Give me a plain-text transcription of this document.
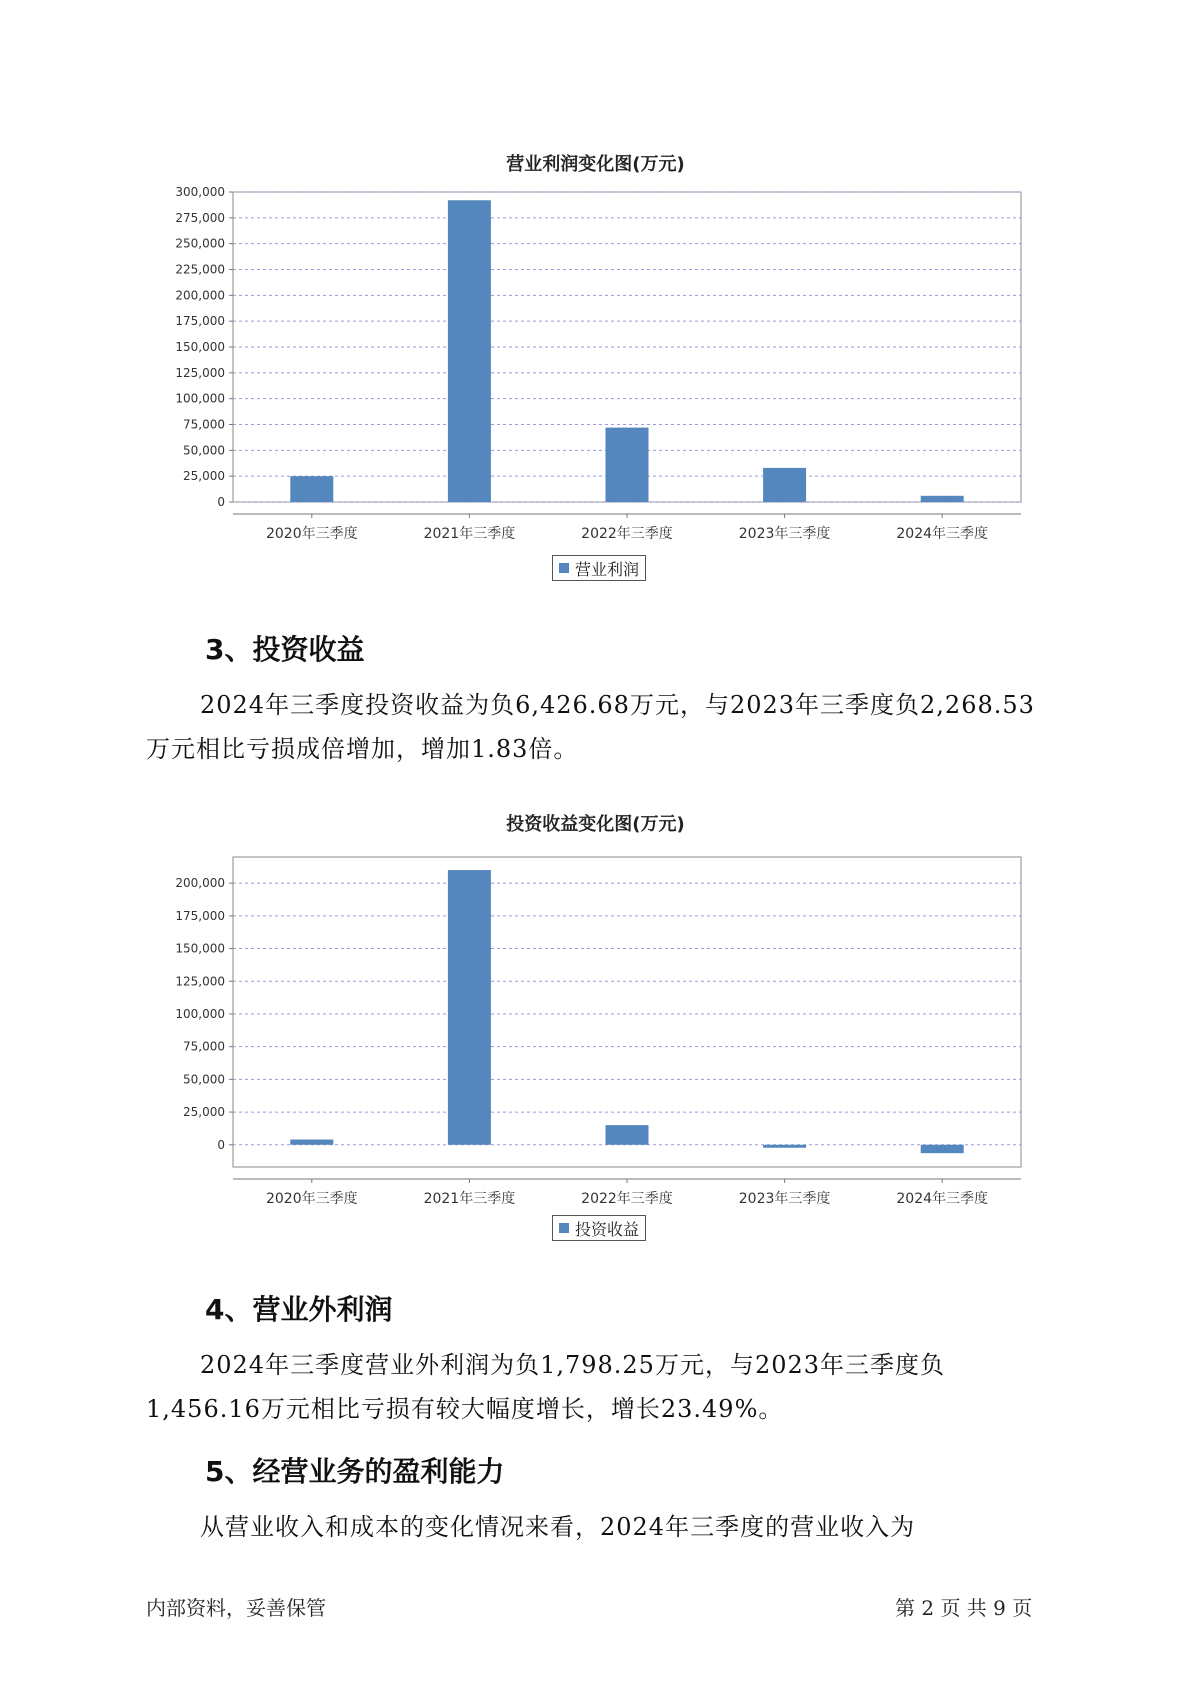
营业利润变化图(万元)
0
25,000
50,000
75,000
100,000
125,000
150,000
175,000
200,000
225,000
250,000
275,000
300,000
2020年三季度	2021年三季度	2022年三季度	2023年三季度	2024年三季度
营业利润
3、投资收益
2024年三季度投资收益为负6,426.68万元，与2023年三季度负2,268.53
万元相比亏损成倍增加，增加1.83倍。
投资收益变化图(万元)
0
25,000
50,000
75,000
100,000
125,000
150,000
175,000
200,000
2020年三季度	2021年三季度	2022年三季度	2023年三季度	2024年三季度
投资收益
4、营业外利润
2024年三季度营业外利润为负1,798.25万元，与2023年三季度负
1,456.16万元相比亏损有较大幅度增长，增长23.49%。
5、经营业务的盈利能力
从营业收入和成本的变化情况来看，2024年三季度的营业收入为
内部资料，妥善保管	第 2 页 共 9 页
